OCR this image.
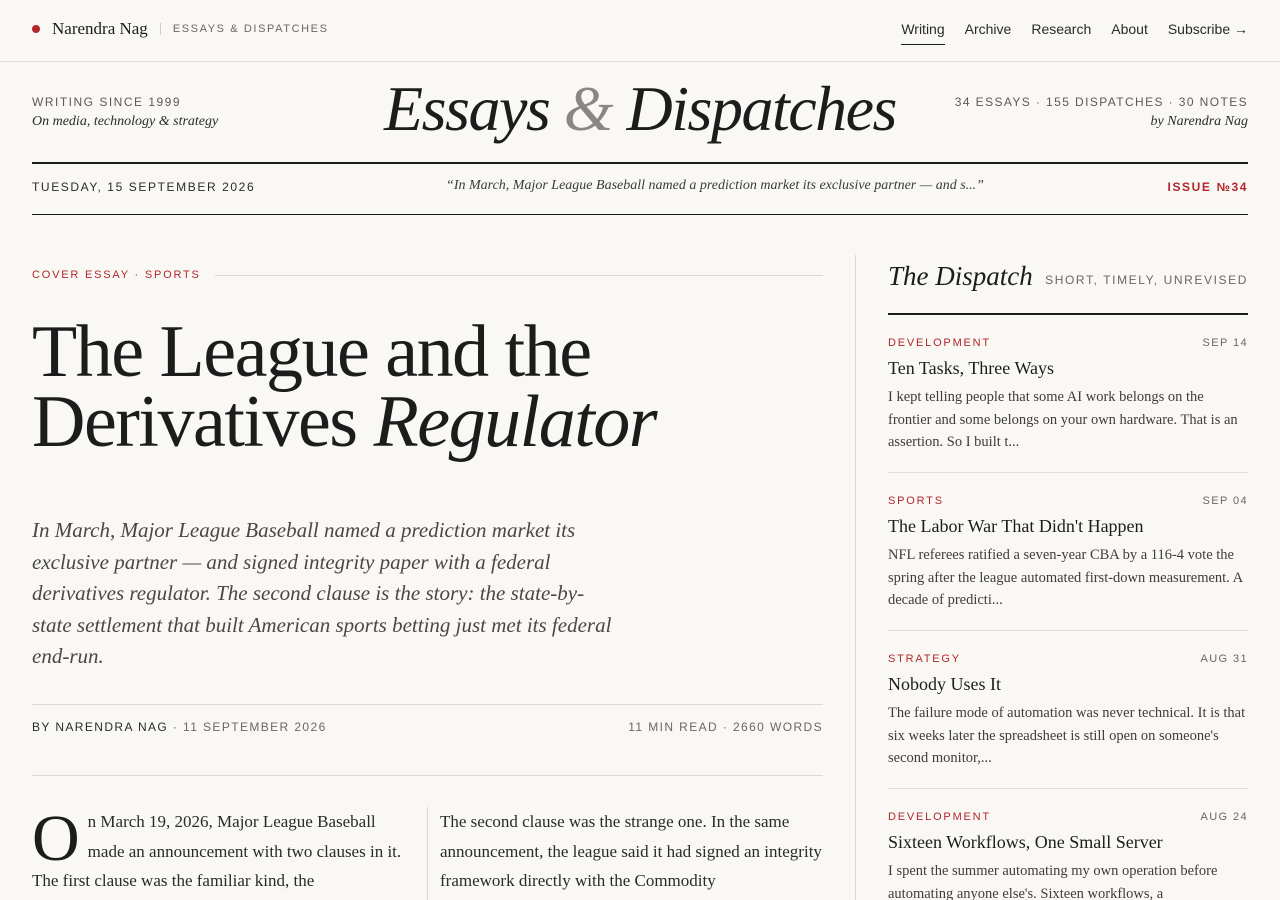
Narendra Nag ESSAYS & DISPATCHES	Writing Archive Research About Subscribe →
WRITING SINCE 1999
On media, technology & strategy	Essays & Dispatches	34 ESSAYS · 155 DISPATCHES · 30 NOTES
by Narendra Nag
TUESDAY, 15 SEPTEMBER 2026	“In March, Major League Baseball named a prediction market its exclusive partner — and s...”	ISSUE №34
COVER ESSAY · SPORTS
The League and the
Derivatives Regulator

In March, Major League Baseball named a prediction market its exclusive partner — and signed integrity paper with a federal derivatives regulator. The second clause is the story: the state-by-state settlement that built American sports betting just met its federal end-run.

BY NARENDRA NAG · 11 SEPTEMBER 2026	11 MIN READ · 2660 WORDS
O n March 19, 2026, Major League Baseball made an announcement with two clauses in it. The first clause was the familiar kind, the
The second clause was the strange one. In the same announcement, the league said it had signed an integrity framework directly with the Commodity
The Dispatch SHORT, TIMELY, UNREVISED
DEVELOPMENT	SEP 14
Ten Tasks, Three Ways
I kept telling people that some AI work belongs on the frontier and some belongs on your own hardware. That is an assertion. So I built t...
SPORTS	SEP 04
The Labor War That Didn't Happen
NFL referees ratified a seven-year CBA by a 116-4 vote the spring after the league automated first-down measurement. A decade of predicti...
STRATEGY	AUG 31
Nobody Uses It
The failure mode of automation was never technical. It is that six weeks later the spreadsheet is still open on someone's second monitor,...
DEVELOPMENT	AUG 24
Sixteen Workflows, One Small Server
I spent the summer automating my own operation before automating anyone else's. Sixteen workflows, a
